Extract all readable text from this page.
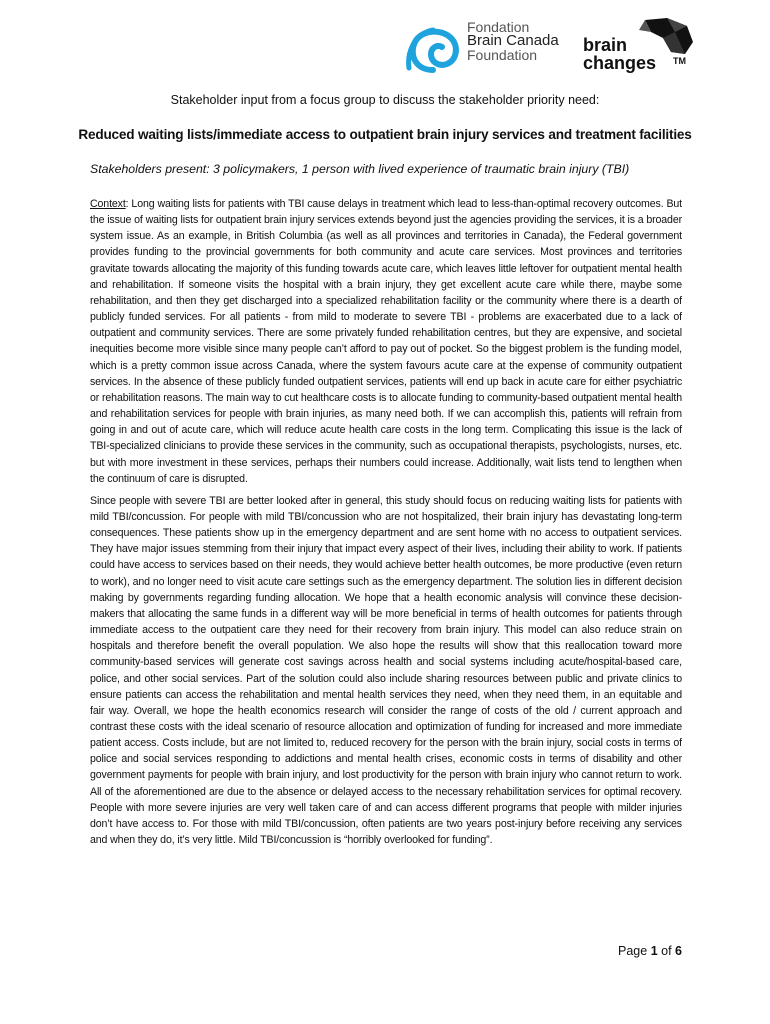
Fondation
Brain Canada
Foundation	brain
changes TM
Stakeholder input from a focus group to discuss the stakeholder priority need:
Reduced waiting lists/immediate access to outpatient brain injury services and treatment facilities
Stakeholders present: 3 policymakers, 1 person with lived experience of traumatic brain injury (TBI)

Context: Long waiting lists for patients with TBI cause delays in treatment which lead to less-than-optimal recovery outcomes. But the issue of waiting lists for outpatient brain injury services extends beyond just the agencies providing the services, it is a broader system issue. As an example, in British Columbia (as well as all provinces and territories in Canada), the Federal government provides funding to the provincial governments for both community and acute care services. Most provinces and territories gravitate towards allocating the majority of this funding towards acute care, which leaves little leftover for outpatient mental health and rehabilitation. If someone visits the hospital with a brain injury, they get excellent acute care while there, maybe some rehabilitation, and then they get discharged into a specialized rehabilitation facility or the community where there is a dearth of publicly funded services. For all patients - from mild to moderate to severe TBI - problems are exacerbated due to a lack of outpatient and community services. There are some privately funded rehabilitation centres, but they are expensive, and societal inequities become more visible since many people can’t afford to pay out of pocket. So the biggest problem is the funding model, which is a pretty common issue across Canada, where the system favours acute care at the expense of community outpatient services. In the absence of these publicly funded outpatient services, patients will end up back in acute care for either psychiatric or rehabilitation reasons. The main way to cut healthcare costs is to allocate funding to community-based outpatient mental health and rehabilitation services for people with brain injuries, as many need both. If we can accomplish this, patients will refrain from going in and out of acute care, which will reduce acute health care costs in the long term. Complicating this issue is the lack of TBI-specialized clinicians to provide these services in the community, such as occupational therapists, psychologists, nurses, etc. but with more investment in these services, perhaps their numbers could increase. Additionally, wait lists tend to lengthen when the continuum of care is disrupted.

Since people with severe TBI are better looked after in general, this study should focus on reducing waiting lists for patients with mild TBI/concussion. For people with mild TBI/concussion who are not hospitalized, their brain injury has devastating long-term consequences. These patients show up in the emergency department and are sent home with no access to outpatient services. They have major issues stemming from their injury that impact every aspect of their lives, including their ability to work. If patients could have access to services based on their needs, they would achieve better health outcomes, be more productive (even return to work), and no longer need to visit acute care settings such as the emergency department. The solution lies in different decision making by governments regarding funding allocation. We hope that a health economic analysis will convince these decision-makers that allocating the same funds in a different way will be more beneficial in terms of health outcomes for patients through immediate access to the outpatient care they need for their recovery from brain injury. This model can also reduce strain on hospitals and therefore benefit the overall population. We also hope the results will show that this reallocation toward more community-based services will generate cost savings across health and social systems including acute/hospital-based care, police, and other social services. Part of the solution could also include sharing resources between public and private clinics to ensure patients can access the rehabilitation and mental health services they need, when they need them, in an equitable and fair way. Overall, we hope the health economics research will consider the range of costs of the old / current approach and contrast these costs with the ideal scenario of resource allocation and optimization of funding for increased and more immediate patient access. Costs include, but are not limited to, reduced recovery for the person with the brain injury, social costs in terms of police and social services responding to addictions and mental health crises, economic costs in terms of disability and other government payments for people with brain injury, and lost productivity for the person with brain injury who cannot return to work. All of the aforementioned are due to the absence or delayed access to the necessary rehabilitation services for optimal recovery. People with more severe injuries are very well taken care of and can access different programs that people with milder injuries don’t have access to. For those with mild TBI/concussion, often patients are two years post-injury before receiving any services and when they do, it’s very little. Mild TBI/concussion is “horribly overlooked for funding”.

Page 1 of 6
